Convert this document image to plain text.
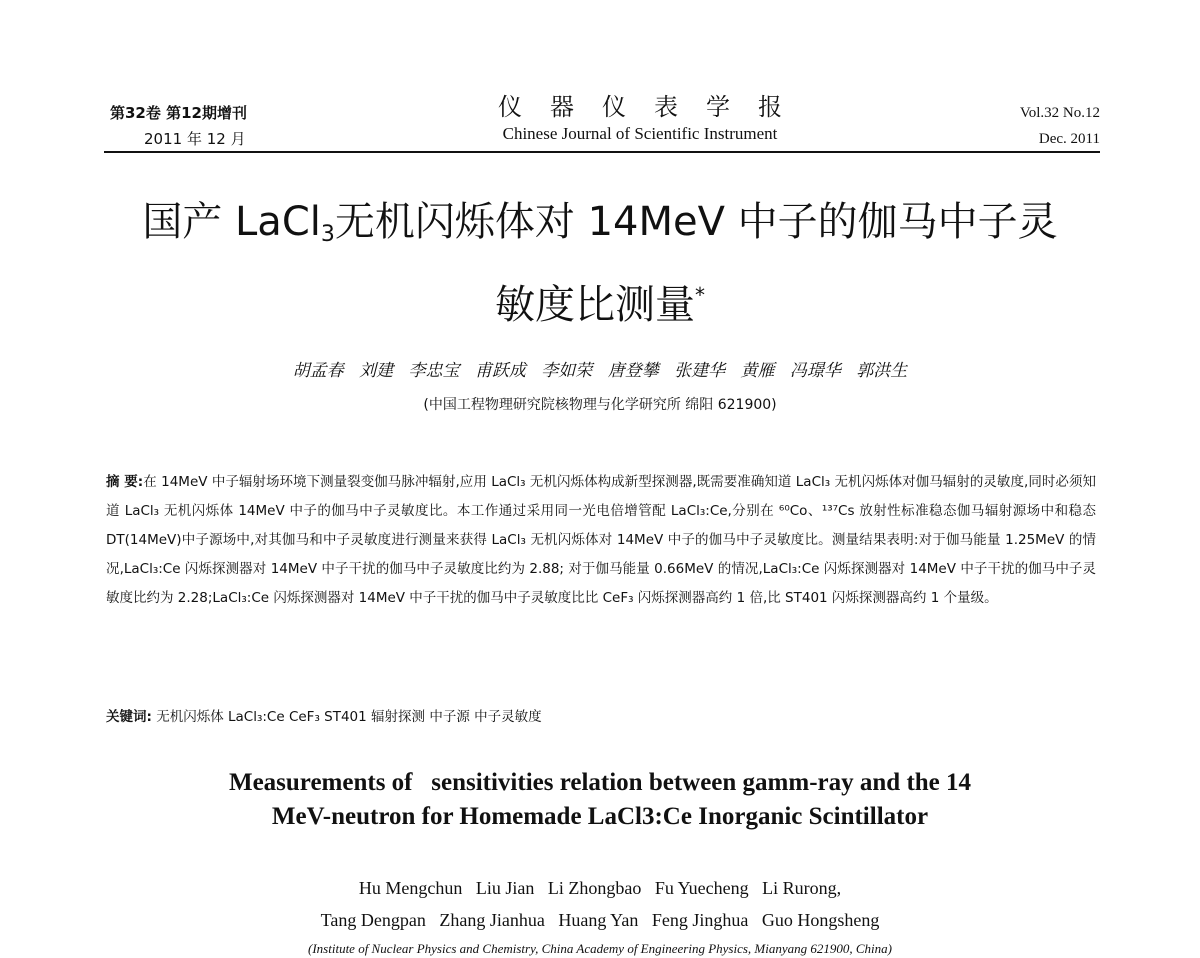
第32卷 第12期增刊
2011 年 12 月
仪器仪表学报
Chinese Journal of Scientific Instrument
Vol.32 No.12
Dec. 2011
国产 LaCl$_3$无机闪烁体对 14MeV 中子的伽马中子灵
敏度比测量*
胡孟春 刘建 李忠宝 甫跃成 李如荣 唐登攀 张建华 黄雁 冯璟华 郭洪生
(中国工程物理研究院核物理与化学研究所 绵阳 621900)
摘 要:在 14MeV 中子辐射场环境下测量裂变伽马脉冲辐射,应用 LaCl₃ 无机闪烁体构成新型探测器,既需要准确知道 LaCl₃ 无机闪烁体对伽马辐射的灵敏度,同时必须知道 LaCl₃ 无机闪烁体 14MeV 中子的伽马中子灵敏度比。本工作通过采用同一光电倍增管配 LaCl₃:Ce,分别在 ⁶⁰Co、¹³⁷Cs 放射性标准稳态伽马辐射源场中和稳态 DT(14MeV)中子源场中,对其伽马和中子灵敏度进行测量来获得 LaCl₃ 无机闪烁体对 14MeV 中子的伽马中子灵敏度比。测量结果表明:对于伽马能量 1.25MeV 的情况,LaCl₃:Ce 闪烁探测器对 14MeV 中子干扰的伽马中子灵敏度比约为 2.88; 对于伽马能量 0.66MeV 的情况,LaCl₃:Ce 闪烁探测器对 14MeV 中子干扰的伽马中子灵敏度比约为 2.28;LaCl₃:Ce 闪烁探测器对 14MeV 中子干扰的伽马中子灵敏度比比 CeF₃ 闪烁探测器高约 1 倍,比 ST401 闪烁探测器高约 1 个量级。
关键词: 无机闪烁体 LaCl₃:Ce CeF₃ ST401 辐射探测 中子源 中子灵敏度
Measurements of   sensitivities relation between gamm-ray and the 14
MeV-neutron for Homemade LaCl3:Ce Inorganic Scintillator
Hu Mengchun   Liu Jian   Li Zhongbao   Fu Yuecheng   Li Rurong,
Tang Dengpan   Zhang Jianhua   Huang Yan   Feng Jinghua   Guo Hongsheng
(Institute of Nuclear Physics and Chemistry, China Academy of Engineering Physics, Mianyang 621900, China)
